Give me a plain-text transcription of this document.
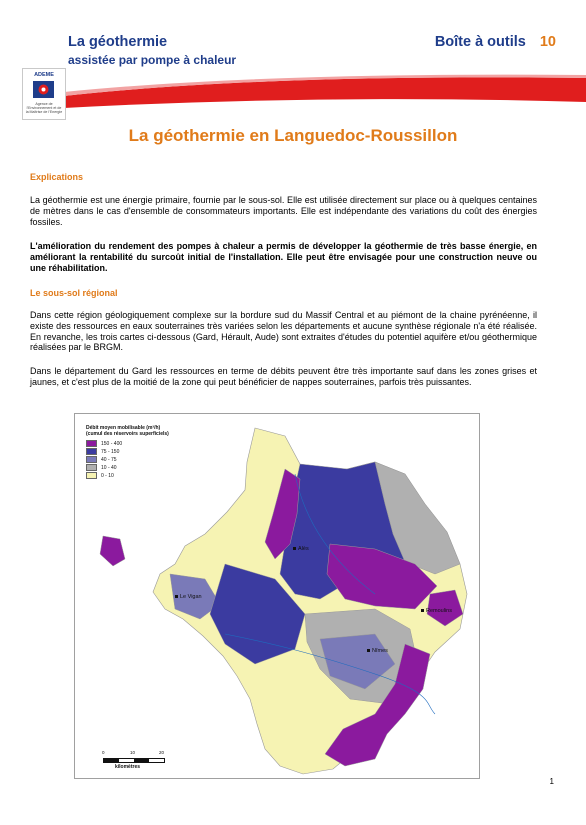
La géothermie
assistée par pompe à chaleur
Boîte à outils 10
ADEME
Agence de l'Environnement et de la Maîtrise de l'Energie
La géothermie en Languedoc-Roussillon
Explications
La géothermie est une énergie primaire, fournie par le sous-sol. Elle est utilisée directement sur place ou à quelques centaines de mètres dans le cas d'ensemble de consommateurs importants. Elle est indépendante des variations du coût des énergies fossiles.
L'amélioration du rendement des pompes à chaleur a permis de développer la géothermie de très basse énergie, en améliorant la rentabilité du surcoût initial de l'installation. Elle peut être envisagée pour une construction neuve ou une réhabilitation.
Le sous-sol régional
Dans cette région géologiquement complexe sur la bordure sud du Massif Central et au piémont de la chaine pyrénéenne, il existe des ressources en eaux souterraines très variées selon les départements et aucune synthèse régionale n'a été réalisée. En revanche, les trois cartes ci-dessous (Gard, Hérault, Aude) sont extraites d'études du potentiel aquifère et/ou géothermique réalisées par le BRGM.
Dans le département du Gard les ressources en terme de débits peuvent être très importante sauf dans les zones grises et jaunes, et c'est plus de la moitié de la zone qui peut bénéficier de nappes souterraines, parfois très puissantes.
Débit moyen mobilisable (m³/h)
(cumul des réservoirs superficiels)
150 - 400
75 - 150
40 - 75
10 - 40
0 - 10
Alès
Le Vigan
Remoulins
Nîmes
0	10	20
kilomètres
1
